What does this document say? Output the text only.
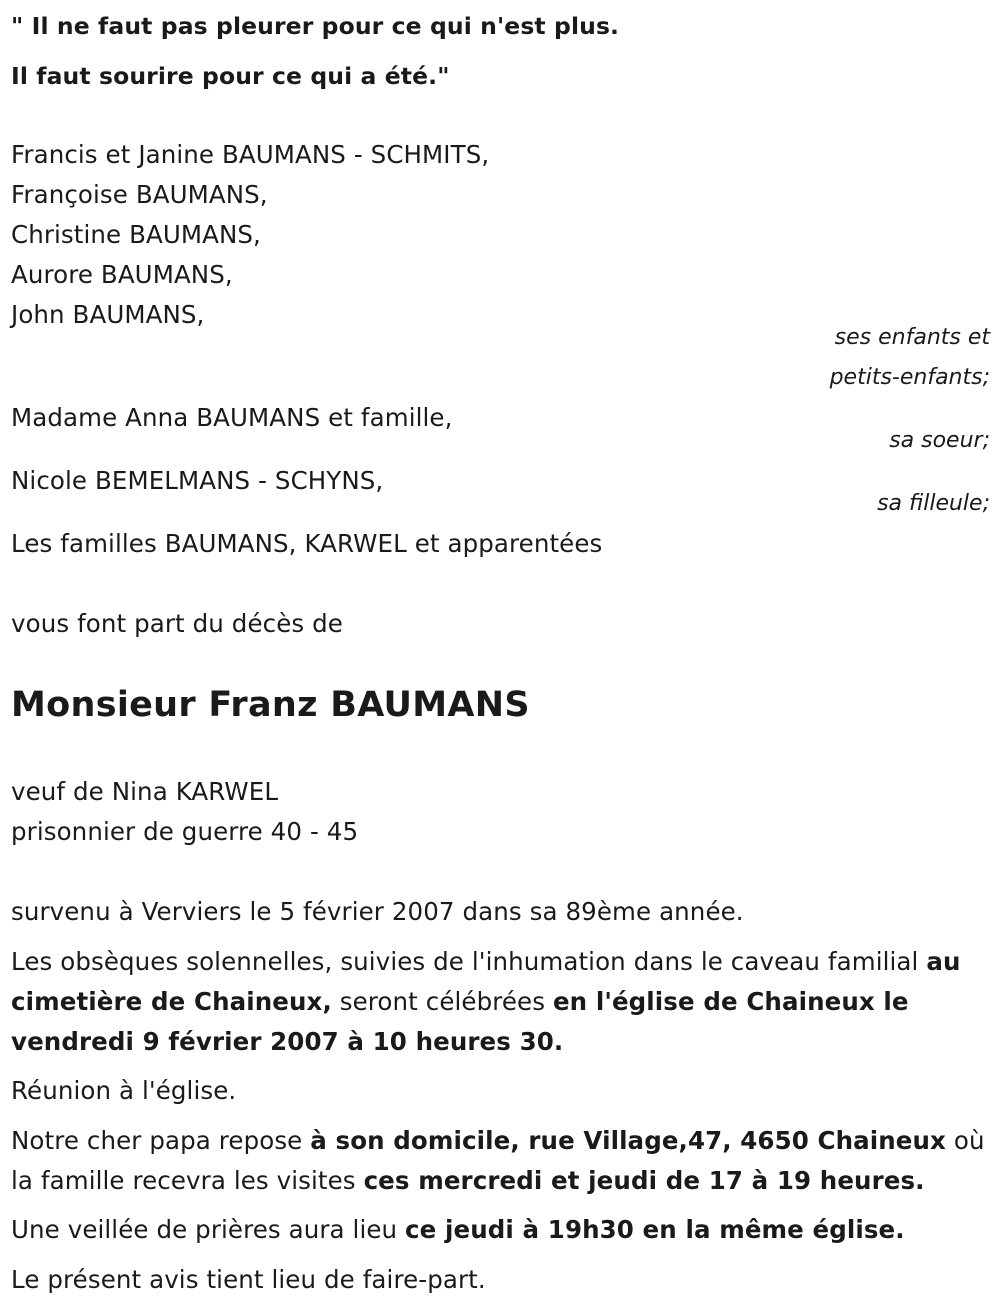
" Il ne faut pas pleurer pour ce qui n'est plus.
Il faut sourire pour ce qui a été."
Francis et Janine BAUMANS - SCHMITS,
Françoise BAUMANS,
Christine BAUMANS,
Aurore BAUMANS,
John BAUMANS,
ses enfants et
petits-enfants;
Madame Anna BAUMANS et famille,
sa soeur;
Nicole BEMELMANS - SCHYNS,
sa filleule;
Les familles BAUMANS, KARWEL et apparentées
vous font part du décès de
Monsieur Franz BAUMANS
veuf de Nina KARWEL
prisonnier de guerre 40 - 45
survenu à Verviers le 5 février 2007 dans sa 89ème année.
Les obsèques solennelles, suivies de l'inhumation dans le caveau familial au cimetière de Chaineux, seront célébrées en l'église de Chaineux le vendredi 9 février 2007 à 10 heures 30.
Réunion à l'église.
Notre cher papa repose à son domicile, rue Village,47, 4650 Chaineux où la famille recevra les visites ces mercredi et jeudi de 17 à 19 heures.
Une veillée de prières aura lieu ce jeudi à 19h30 en la même église.
Le présent avis tient lieu de faire-part.
